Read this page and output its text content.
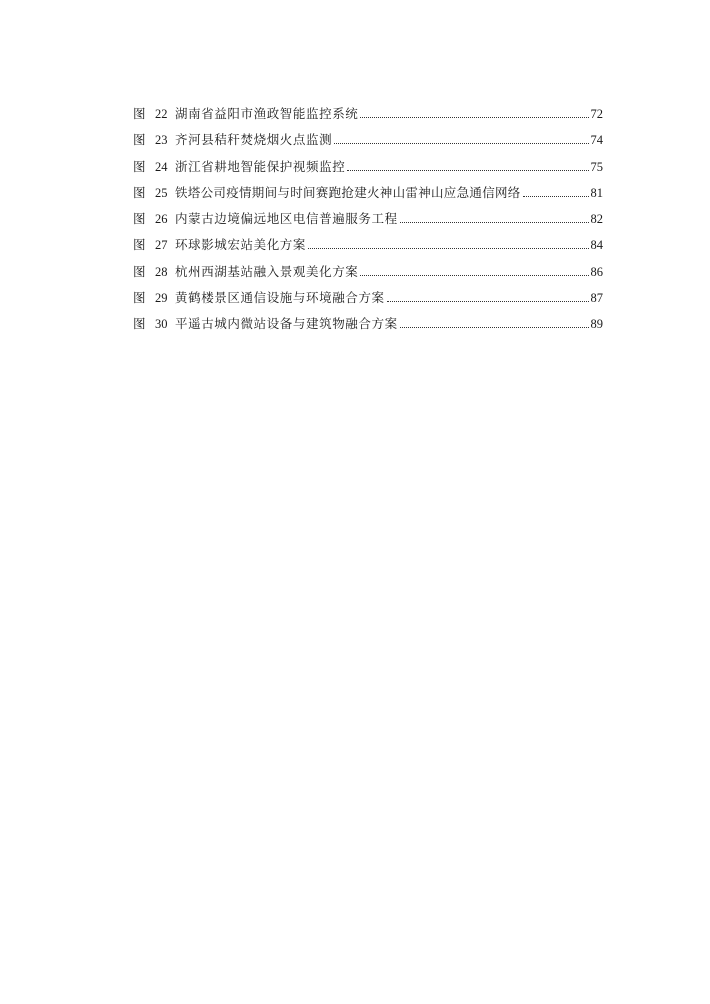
图 22 湖南省益阳市渔政智能监控系统	72
图 23 齐河县秸秆焚烧烟火点监测	74
图 24 浙江省耕地智能保护视频监控	75
图 25 铁塔公司疫情期间与时间赛跑抢建火神山雷神山应急通信网络	81
图 26 内蒙古边境偏远地区电信普遍服务工程	82
图 27 环球影城宏站美化方案	84
图 28 杭州西湖基站融入景观美化方案	86
图 29 黄鹤楼景区通信设施与环境融合方案	87
图 30 平遥古城内微站设备与建筑物融合方案	89
